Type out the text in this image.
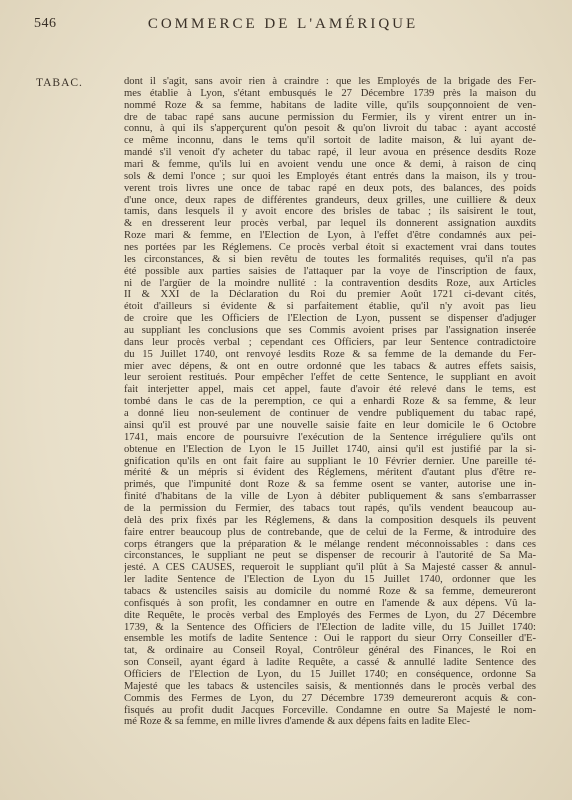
546	COMMERCE DE L'AMÉRIQUE
TABAC.	dont il s'agit, sans avoir rien à craindre : que les Employés de la brigade des Fer-
mes établie à Lyon, s'étant embusqués le 27 Décembre 1739 près la maison du
nommé Roze & sa femme, habitans de ladite ville, qu'ils soupçonnoient de ven-
dre de tabac rapé sans aucune permission du Fermier, ils y virent entrer un in-
connu, à qui ils s'apperçurent qu'on pesoit & qu'on livroit du tabac : ayant accosté
ce même inconnu, dans le tems qu'il sortoit de ladite maison, & lui ayant de-
mandé s'il venoit d'y acheter du tabac rapé, il leur avoua en présence desdits Roze
mari & femme, qu'ils lui en avoient vendu une once & demi, à raison de cinq
sols & demi l'once ; sur quoi les Employés étant entrés dans la maison, ils y trou-
verent trois livres une once de tabac rapé en deux pots, des balances, des poids
d'une once, deux rapes de différentes grandeurs, deux grilles, une cuilliere & deux
tamis, dans lesquels il y avoit encore des brisles de tabac ; ils saisirent le tout,
& en dresserent leur procès verbal, par lequel ils donnerent assignation auxdits
Roze mari & femme, en l'Election de Lyon, à l'effet d'être condamnés aux pei-
nes portées par les Réglemens. Ce procès verbal étoit si exactement vrai dans toutes
les circonstances, & si bien revêtu de toutes les formalités requises, qu'il n'a pas
été possible aux parties saisies de l'attaquer par la voye de l'inscription de faux,
ni de l'argüer de la moindre nullité : la contravention desdits Roze, aux Articles
II & XXI de la Déclaration du Roi du premier Août 1721 ci-devant cités,
étoit d'ailleurs si évidente & si parfaitement établie, qu'il n'y avoit pas lieu
de croire que les Officiers de l'Election de Lyon, pussent se dispenser d'adjuger
au suppliant les conclusions que ses Commis avoient prises par l'assignation inserée
dans leur procès verbal ; cependant ces Officiers, par leur Sentence contradictoire
du 15 Juillet 1740, ont renvoyé lesdits Roze & sa femme de la demande du Fer-
mier avec dépens, & ont en outre ordonné que les tabacs & autres effets saisis,
leur seroient restitués. Pour empêcher l'effet de cette Sentence, le suppliant en avoit
fait interjetter appel, mais cet appel, faute d'avoir été relevé dans le tems, est
tombé dans le cas de la peremption, ce qui a enhardi Roze & sa femme, & leur
a donné lieu non-seulement de continuer de vendre publiquement du tabac rapé,
ainsi qu'il est prouvé par une nouvelle saisie faite en leur domicile le 6 Octobre
1741, mais encore de poursuivre l'exécution de la Sentence irréguliere qu'ils ont
obtenue en l'Election de Lyon le 15 Juillet 1740, ainsi qu'il est justifié par la si-
gnification qu'ils en ont fait faire au suppliant le 10 Février dernier. Une pareille té-
mérité & un mépris si évident des Réglemens, méritent d'autant plus d'être re-
primés, que l'impunité dont Roze & sa femme osent se vanter, autorise une in-
finité d'habitans de la ville de Lyon à débiter publiquement & sans s'embarrasser
de la permission du Fermier, des tabacs tout rapés, qu'ils vendent beaucoup au-
delà des prix fixés par les Réglemens, & dans la composition desquels ils peuvent
faire entrer beaucoup plus de contrebande, que de celui de la Ferme, & introduire des
corps étrangers que la préparation & le mélange rendent méconnoissables : dans ces
circonstances, le suppliant ne peut se dispenser de recourir à l'autorité de Sa Ma-
jesté. A CES CAUSES, requeroit le suppliant qu'il plût à Sa Majesté casser & annul-
ler ladite Sentence de l'Election de Lyon du 15 Juillet 1740, ordonner que les
tabacs & ustenciles saisis au domicile du nommé Roze & sa femme, demeureront
confisqués à son profit, les condamner en outre en l'amende & aux dépens. Vû la-
dite Requête, le procès verbal des Employés des Fermes de Lyon, du 27 Décembre
1739, & la Sentence des Officiers de l'Election de ladite ville, du 15 Juillet 1740:
ensemble les motifs de ladite Sentence : Oui le rapport du sieur Orry Conseiller d'E-
tat, & ordinaire au Conseil Royal, Contrôleur général des Finances, le Roi en
son Conseil, ayant égard à ladite Requête, a cassé & annullé ladite Sentence des
Officiers de l'Election de Lyon, du 15 Juillet 1740; en conséquence, ordonne Sa
Majesté que les tabacs & ustenciles saisis, & mentionnés dans le procès verbal des
Commis des Fermes de Lyon, du 27 Décembre 1739 demeureront acquis & con-
fisqués au profit dudit Jacques Forceville. Condamne en outre Sa Majesté le nom-
mé Roze & sa femme, en mille livres d'amende & aux dépens faits en ladite Elec-
